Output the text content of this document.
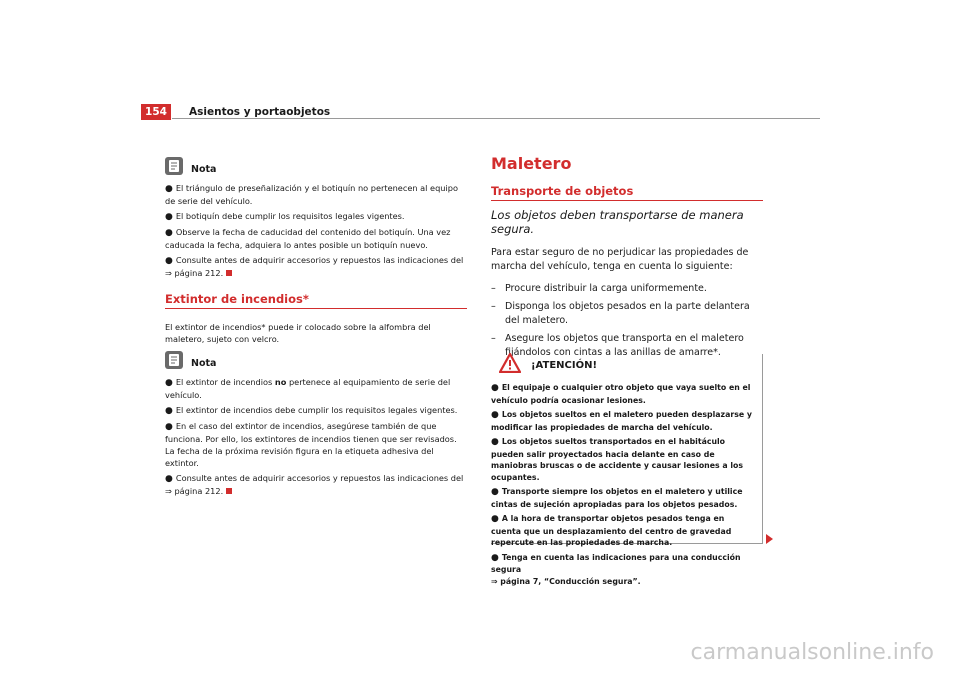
154	Asientos y portaobjetos
Nota
● El triángulo de preseñalización y el botiquín no pertenecen al equipo de serie del vehículo.
● El botiquín debe cumplir los requisitos legales vigentes.
● Observe la fecha de caducidad del contenido del botiquín. Una vez caducada la fecha, adquiera lo antes posible un botiquín nuevo.
● Consulte antes de adquirir accesorios y repuestos las indicaciones del
⇒ página 212.
Extintor de incendios*
El extintor de incendios* puede ir colocado sobre la alfombra del maletero, sujeto con velcro.
Nota
● El extintor de incendios no pertenece al equipamiento de serie del vehículo.
● El extintor de incendios debe cumplir los requisitos legales vigentes.
● En el caso del extintor de incendios, asegúrese también de que funciona. Por ello, los extintores de incendios tienen que ser revisados. La fecha de la próxima revisión figura en la etiqueta adhesiva del extintor.
● Consulte antes de adquirir accesorios y repuestos las indicaciones del
⇒ página 212.
Maletero
Transporte de objetos
Los objetos deben transportarse de manera segura.
Para estar seguro de no perjudicar las propiedades de marcha del vehículo, tenga en cuenta lo siguiente:
– Procure distribuir la carga uniformemente.
– Disponga los objetos pesados en la parte delantera del maletero.
– Asegure los objetos que transporta en el maletero fijándolos con cintas a las anillas de amarre*.
¡ATENCIÓN!
● El equipaje o cualquier otro objeto que vaya suelto en el vehículo podría ocasionar lesiones.
● Los objetos sueltos en el maletero pueden desplazarse y modificar las propiedades de marcha del vehículo.
● Los objetos sueltos transportados en el habitáculo pueden salir proyectados hacia delante en caso de maniobras bruscas o de accidente y causar lesiones a los ocupantes.
● Transporte siempre los objetos en el maletero y utilice cintas de sujeción apropiadas para los objetos pesados.
● A la hora de transportar objetos pesados tenga en cuenta que un desplazamiento del centro de gravedad repercute en las propiedades de marcha.
● Tenga en cuenta las indicaciones para una conducción segura
⇒ página 7, “Conducción segura”.
carmanualsonline.info
